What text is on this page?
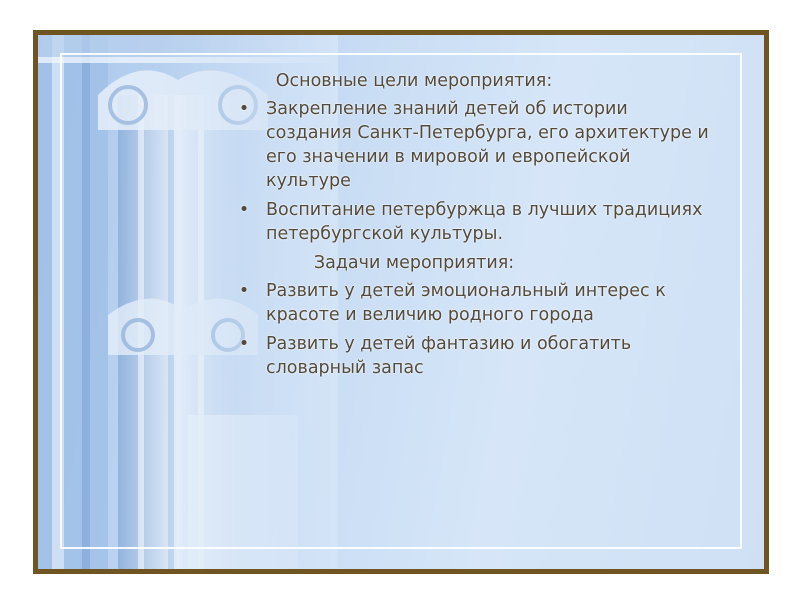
Основные цели мероприятия:

• Закрепление знаний детей об истории создания Санкт-Петербурга, его архитектуре и его значении в мировой и европейской культуре
• Воспитание петербуржца в лучших традициях петербургской культуры.

Задачи мероприятия:

• Развить у детей эмоциональный интерес к красоте и величию родного города
• Развить у детей фантазию и обогатить словарный запас
